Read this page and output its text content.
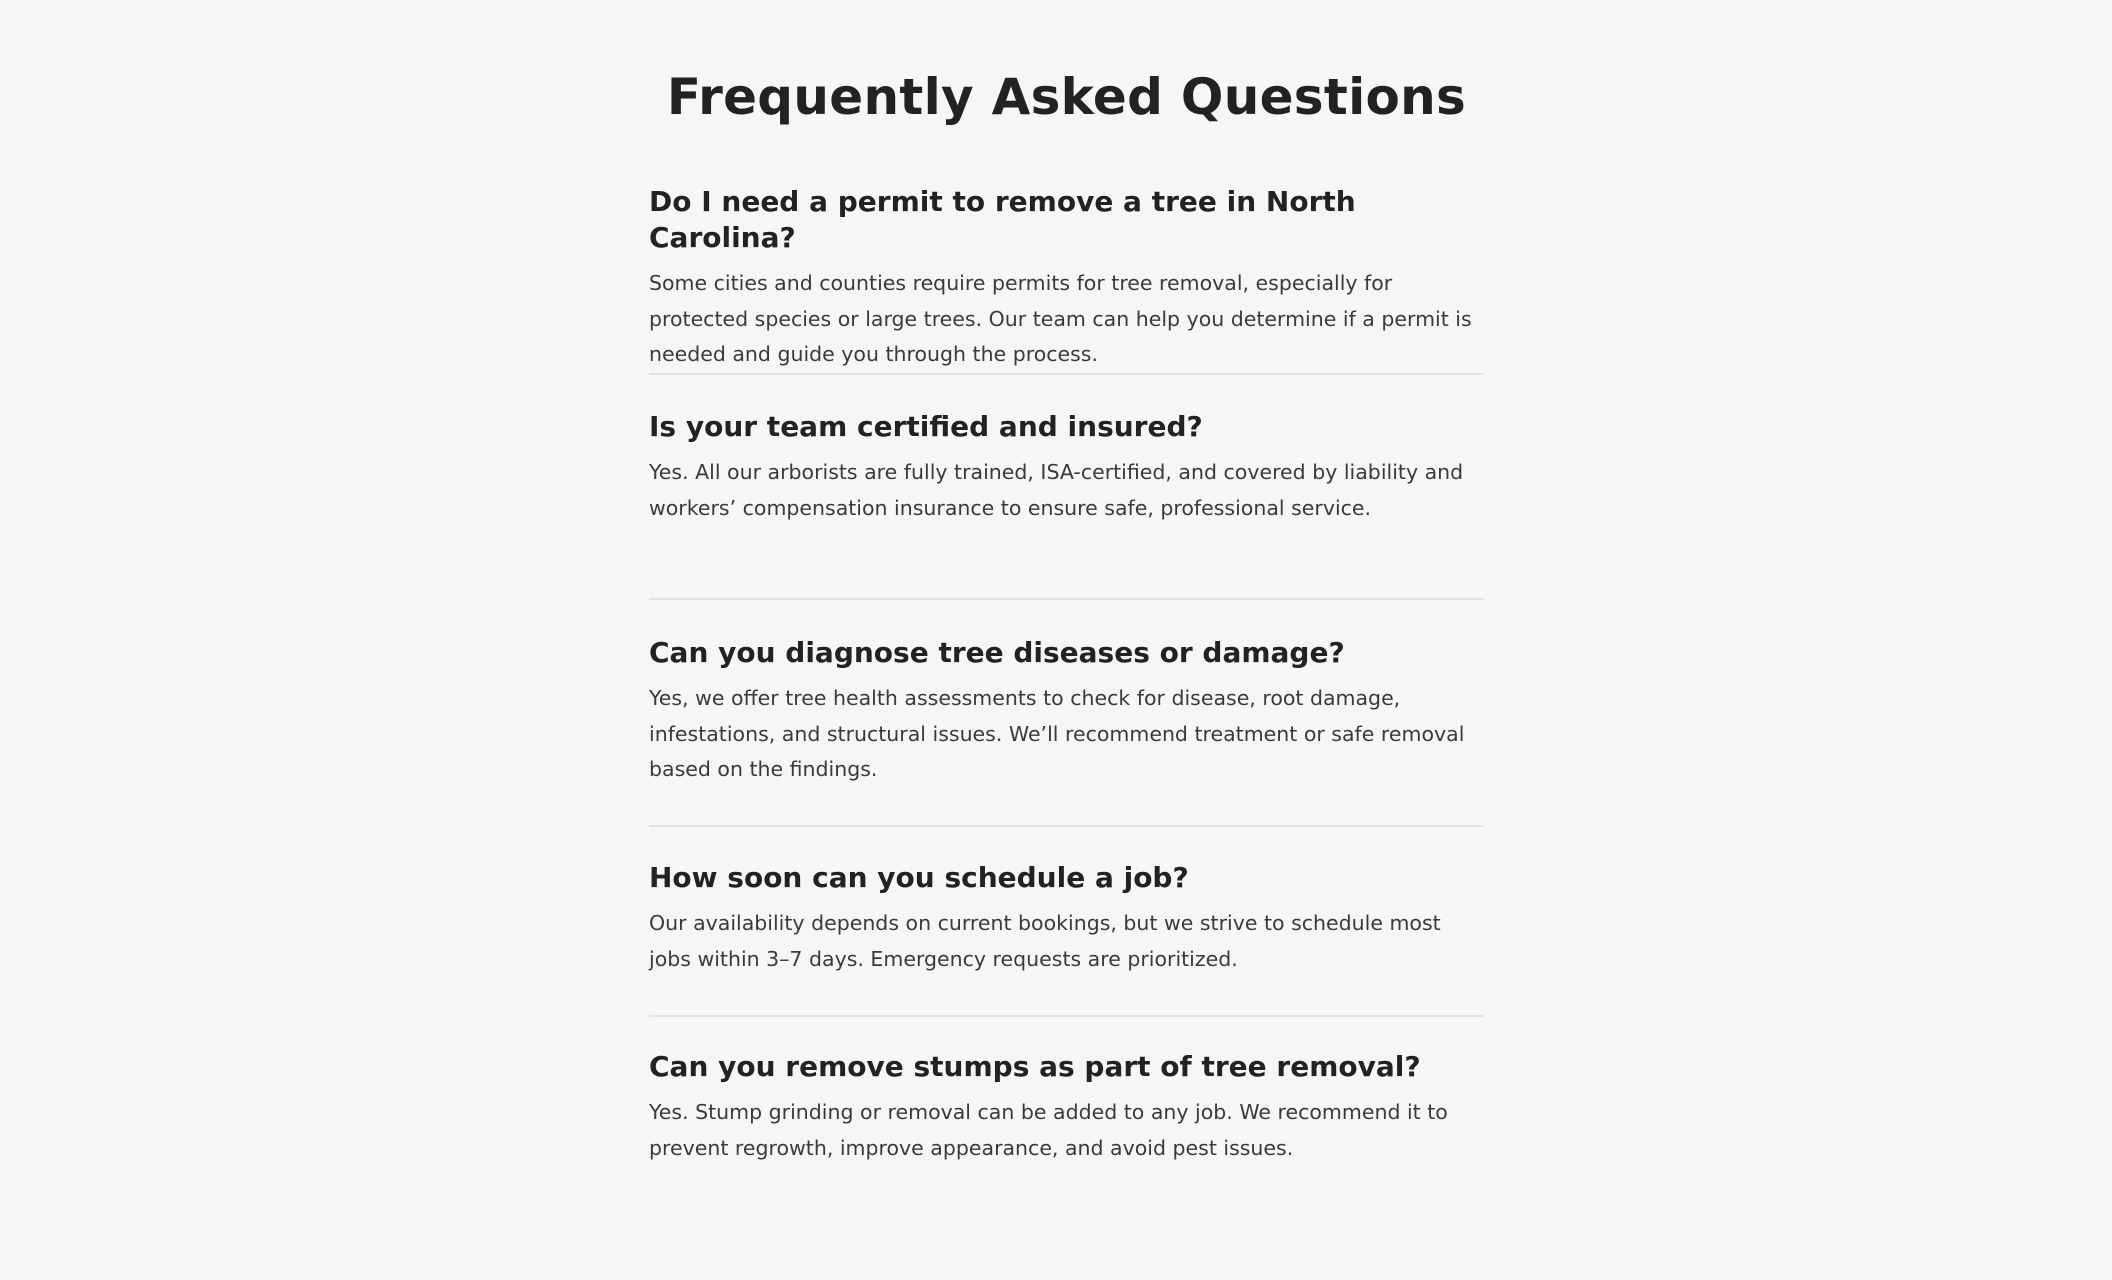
Frequently Asked Questions
Do I need a permit to remove a tree in North Carolina?

Some cities and counties require permits for tree removal, especially for protected species or large trees. Our team can help you determine if a permit is needed and guide you through the process.

Is your team certified and insured?

Yes. All our arborists are fully trained, ISA-certified, and covered by liability and workers’ compensation insurance to ensure safe, professional service.

Can you diagnose tree diseases or damage?

Yes, we offer tree health assessments to check for disease, root damage, infestations, and structural issues. We’ll recommend treatment or safe removal based on the findings.

How soon can you schedule a job?

Our availability depends on current bookings, but we strive to schedule most jobs within 3–7 days. Emergency requests are prioritized.

Can you remove stumps as part of tree removal?

Yes. Stump grinding or removal can be added to any job. We recommend it to prevent regrowth, improve appearance, and avoid pest issues.
